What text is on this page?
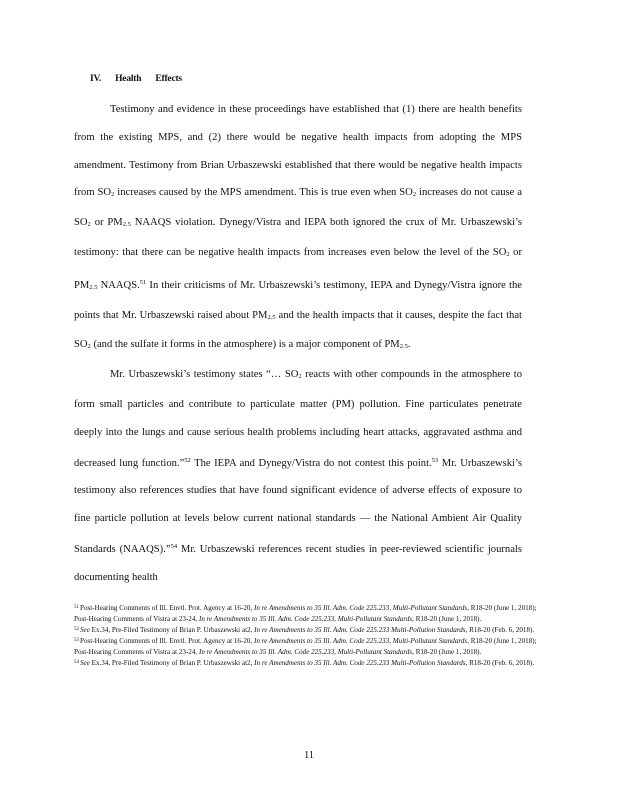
IV. Health Effects

Testimony and evidence in these proceedings have established that (1) there are health benefits from the existing MPS, and (2) there would be negative health impacts from adopting the MPS amendment. Testimony from Brian Urbaszewski established that there would be negative health impacts from $SO_2$ increases caused by the MPS amendment. This is true even when $SO_2$ increases do not cause a $SO_2$ or $PM_{2.5}$ NAAQS violation. Dynegy/Vistra and IEPA both ignored the crux of Mr. Urbaszewski’s testimony: that there can be negative health impacts from increases even below the level of the $SO_2$ or $PM_{2.5}$ NAAQS.$^{51}$ In their criticisms of Mr. Urbaszewski’s testimony, IEPA and Dynegy/Vistra ignore the points that Mr. Urbaszewski raised about $PM_{2.5}$ and the health impacts that it causes, despite the fact that $SO_2$ (and the sulfate it forms in the atmosphere) is a major component of $PM_{2.5}$.

Mr. Urbaszewski’s testimony states “… $SO_2$ reacts with other compounds in the atmosphere to form small particles and contribute to particulate matter (PM) pollution. Fine particulates penetrate deeply into the lungs and cause serious health problems including heart attacks, aggravated asthma and decreased lung function.”$^{52}$ The IEPA and Dynegy/Vistra do not contest this point.$^{53}$ Mr. Urbaszewski’s testimony also references studies that have found significant evidence of adverse effects of exposure to fine particle pollution at levels below current national standards — the National Ambient Air Quality Standards (NAAQS).”$^{54}$ Mr. Urbaszewski references recent studies in peer-reviewed scientific journals documenting health

$^{51}$Post-Hearing Comments of Ill. Envtl. Prot. Agency at 16-20, In re Amendments to 35 Ill. Adm. Code 225.233, Multi-Pollutant Standards, R18-20 (June 1, 2018); Post-Hearing Comments of Vistra at 23-24, In re Amendments to 35 Ill. Adm. Code 225.233, Multi-Pollutant Standards, R18-20 (June 1, 2018).

$^{52}$See Ex.34, Pre-Filed Testimony of Brian P. Urbaszewski at2, In re Amendments to 35 Ill. Adm. Code 225.233 Multi-Pollution Standards, R18-20 (Feb. 6, 2018).

$^{53}$Post-Hearing Comments of Ill. Envtl. Prot. Agency at 16-20, In re Amendments to 35 Ill. Adm. Code 225.233, Multi-Pollutant Standards, R18-20 (June 1, 2018); Post-Hearing Comments of Vistra at 23-24, In re Amendments to 35 Ill. Adm. Code 225.233, Multi-Pollutant Standards, R18-20 (June 1, 2018).

$^{54}$See Ex.34, Pre-Filed Testimony of Brian P. Urbaszewski at2, In re Amendments to 35 Ill. Adm. Code 225.233 Multi-Pollution Standards, R18-20 (Feb. 6, 2018).

11
